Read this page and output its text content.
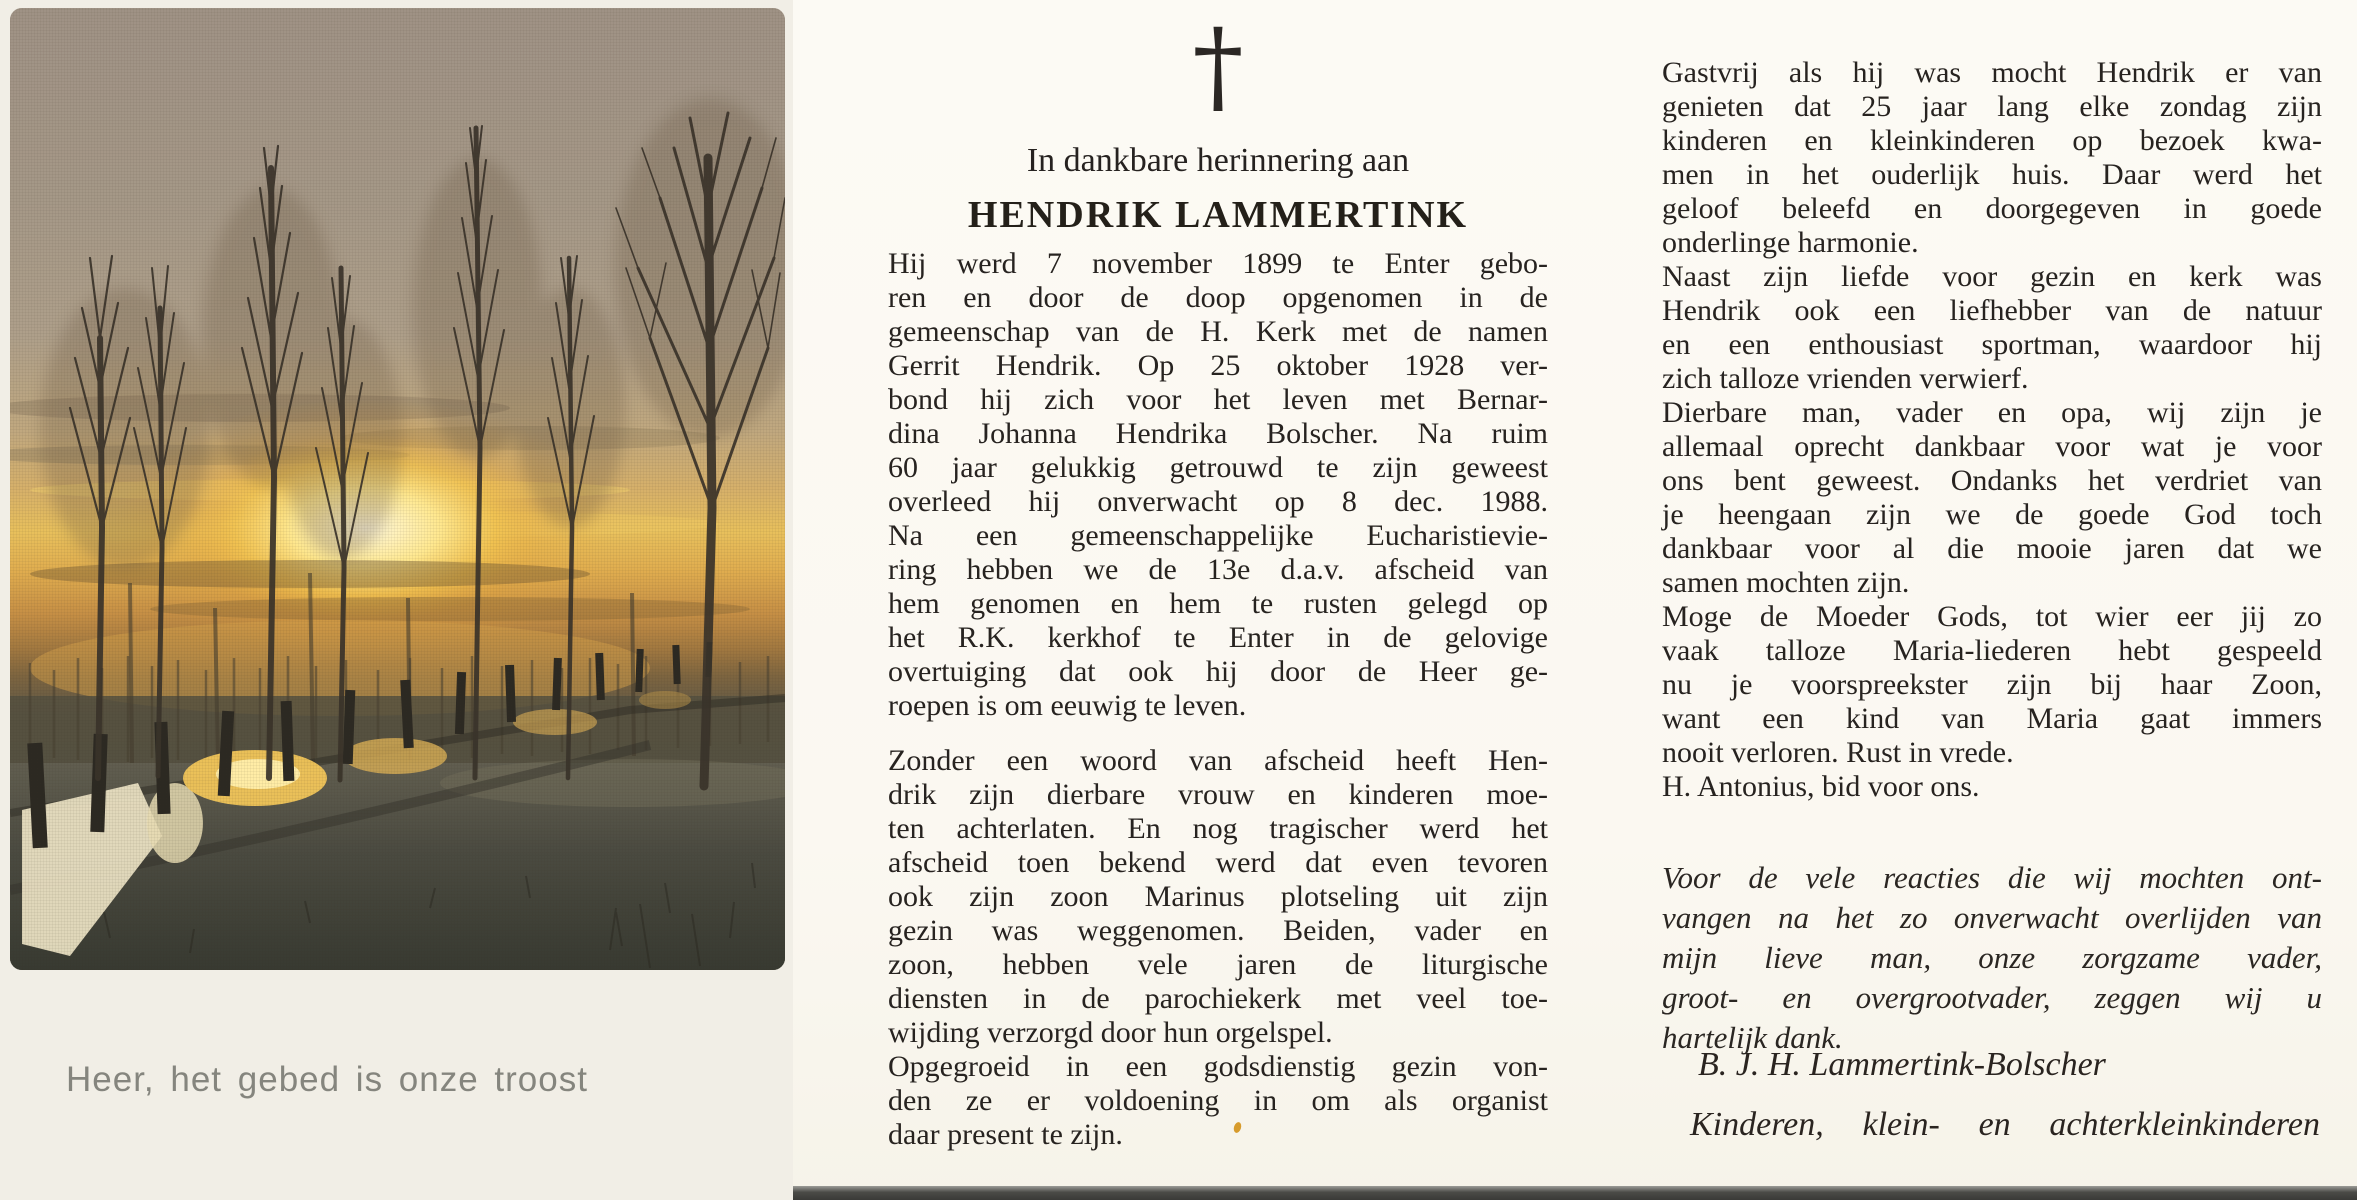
Heer, het gebed is onze troost
†
In dankbare herinnering aan
HENDRIK LAMMERTINK
Hij werd 7 november 1899 te Enter gebo-
ren en door de doop opgenomen in de
gemeenschap van de H. Kerk met de namen
Gerrit Hendrik. Op 25 oktober 1928 ver-
bond hij zich voor het leven met Bernar-
dina Johanna Hendrika Bolscher. Na ruim
60 jaar gelukkig getrouwd te zijn geweest
overleed hij onverwacht op 8 dec. 1988.
Na een gemeenschappelijke Eucharistievie-
ring hebben we de 13e d.a.v. afscheid van
hem genomen en hem te rusten gelegd op
het R.K. kerkhof te Enter in de gelovige
overtuiging dat ook hij door de Heer ge-
roepen is om eeuwig te leven.
Zonder een woord van afscheid heeft Hen-
drik zijn dierbare vrouw en kinderen moe-
ten achterlaten. En nog tragischer werd het
afscheid toen bekend werd dat even tevoren
ook zijn zoon Marinus plotseling uit zijn
gezin was weggenomen. Beiden, vader en
zoon, hebben vele jaren de liturgische
diensten in de parochiekerk met veel toe-
wijding verzorgd door hun orgelspel.
Opgegroeid in een godsdienstig gezin von-
den ze er voldoening in om als organist
daar present te zijn.
Gastvrij als hij was mocht Hendrik er van
genieten dat 25 jaar lang elke zondag zijn
kinderen en kleinkinderen op bezoek kwa-
men in het ouderlijk huis. Daar werd het
geloof beleefd en doorgegeven in goede
onderlinge harmonie.
Naast zijn liefde voor gezin en kerk was
Hendrik ook een liefhebber van de natuur
en een enthousiast sportman, waardoor hij
zich talloze vrienden verwierf.
Dierbare man, vader en opa, wij zijn je
allemaal oprecht dankbaar voor wat je voor
ons bent geweest. Ondanks het verdriet van
je heengaan zijn we de goede God toch
dankbaar voor al die mooie jaren dat we
samen mochten zijn.
Moge de Moeder Gods, tot wier eer jij zo
vaak talloze Maria-liederen hebt gespeeld
nu je voorspreekster zijn bij haar Zoon,
want een kind van Maria gaat immers
nooit verloren. Rust in vrede.
H. Antonius, bid voor ons.
Voor de vele reacties die wij mochten ont-
vangen na het zo onverwacht overlijden van
mijn lieve man, onze zorgzame vader,
groot- en overgrootvader, zeggen wij u
hartelijk dank.
B. J. H. Lammertink-Bolscher
Kinderen, klein- en achterkleinkinderen
